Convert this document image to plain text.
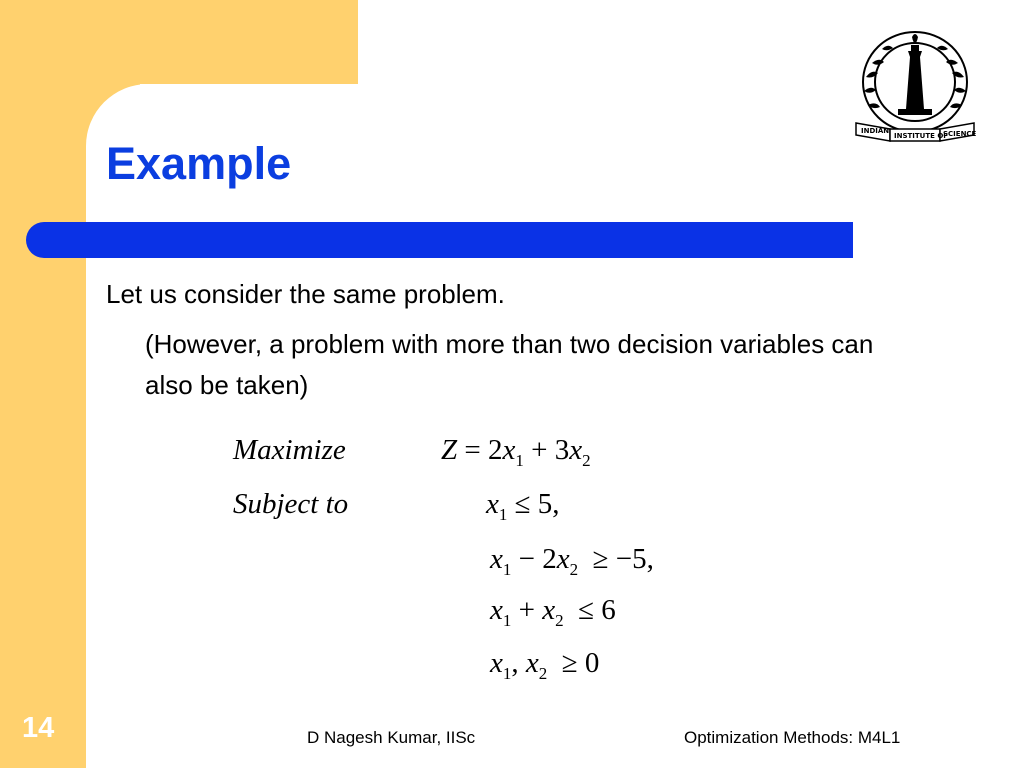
Example
INDIAN
INSTITUTE OF
SCIENCE
Let us consider the same problem.
(However, a problem with more than two decision variables can also be taken)
Maximize	$Z = 2x_1 + 3x_2$
Subject to	$x_1 \le 5$,
$x_1 - 2x_2 \ge -5$,
$x_1 + x_2 \le 6$
$x_1$, $x_2 \ge 0$
14	D Nagesh Kumar, IISc	Optimization Methods: M4L1
